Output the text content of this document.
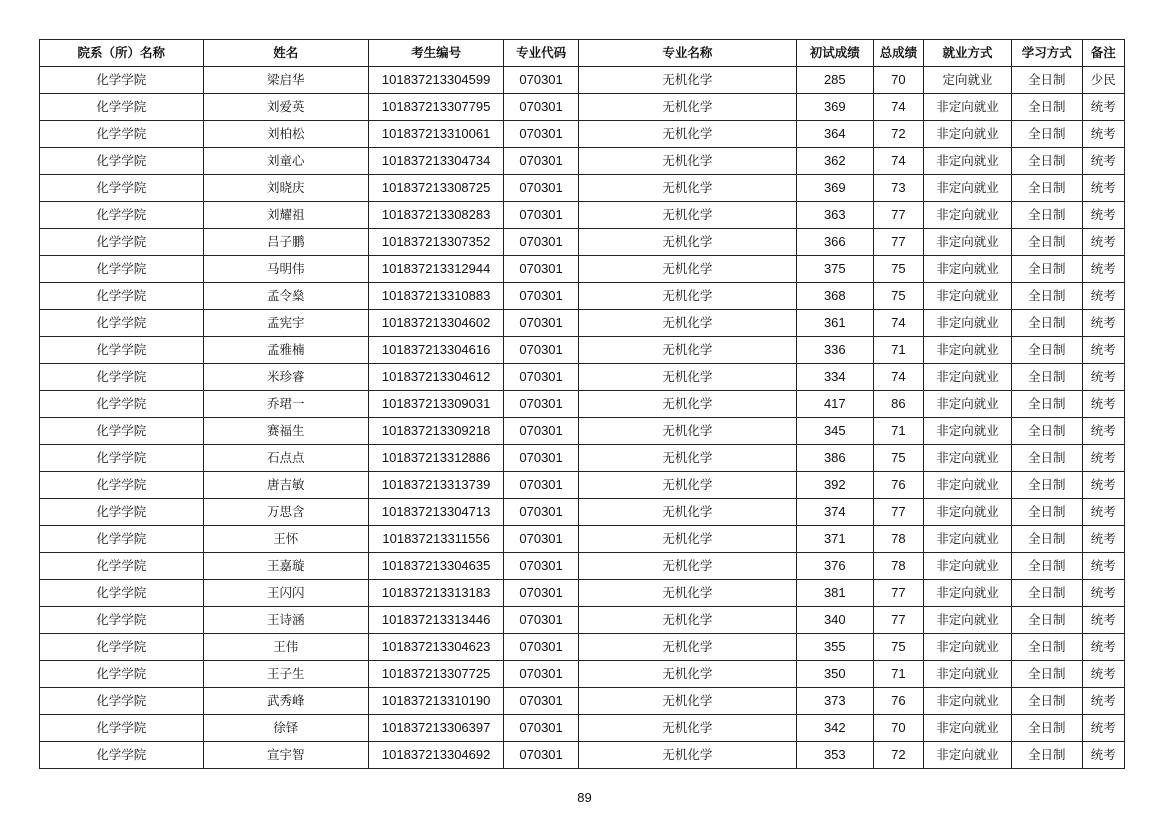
院系（所）名称	姓名	考生编号	专业代码	专业名称	初试成绩	总成绩	就业方式	学习方式	备注
化学学院	梁启华	101837213304599	070301	无机化学	285	70	定向就业	全日制	少民
化学学院	刘爱英	101837213307795	070301	无机化学	369	74	非定向就业	全日制	统考
化学学院	刘柏松	101837213310061	070301	无机化学	364	72	非定向就业	全日制	统考
化学学院	刘童心	101837213304734	070301	无机化学	362	74	非定向就业	全日制	统考
化学学院	刘晓庆	101837213308725	070301	无机化学	369	73	非定向就业	全日制	统考
化学学院	刘耀祖	101837213308283	070301	无机化学	363	77	非定向就业	全日制	统考
化学学院	吕子鹏	101837213307352	070301	无机化学	366	77	非定向就业	全日制	统考
化学学院	马明伟	101837213312944	070301	无机化学	375	75	非定向就业	全日制	统考
化学学院	孟令燊	101837213310883	070301	无机化学	368	75	非定向就业	全日制	统考
化学学院	孟宪宇	101837213304602	070301	无机化学	361	74	非定向就业	全日制	统考
化学学院	孟雅楠	101837213304616	070301	无机化学	336	71	非定向就业	全日制	统考
化学学院	米珍睿	101837213304612	070301	无机化学	334	74	非定向就业	全日制	统考
化学学院	乔珺一	101837213309031	070301	无机化学	417	86	非定向就业	全日制	统考
化学学院	赛福生	101837213309218	070301	无机化学	345	71	非定向就业	全日制	统考
化学学院	石点点	101837213312886	070301	无机化学	386	75	非定向就业	全日制	统考
化学学院	唐吉敏	101837213313739	070301	无机化学	392	76	非定向就业	全日制	统考
化学学院	万思含	101837213304713	070301	无机化学	374	77	非定向就业	全日制	统考
化学学院	王怀	101837213311556	070301	无机化学	371	78	非定向就业	全日制	统考
化学学院	王嘉璇	101837213304635	070301	无机化学	376	78	非定向就业	全日制	统考
化学学院	王闪闪	101837213313183	070301	无机化学	381	77	非定向就业	全日制	统考
化学学院	王诗涵	101837213313446	070301	无机化学	340	77	非定向就业	全日制	统考
化学学院	王伟	101837213304623	070301	无机化学	355	75	非定向就业	全日制	统考
化学学院	王子生	101837213307725	070301	无机化学	350	71	非定向就业	全日制	统考
化学学院	武秀峰	101837213310190	070301	无机化学	373	76	非定向就业	全日制	统考
化学学院	徐铎	101837213306397	070301	无机化学	342	70	非定向就业	全日制	统考
化学学院	宣宇智	101837213304692	070301	无机化学	353	72	非定向就业	全日制	统考
89
